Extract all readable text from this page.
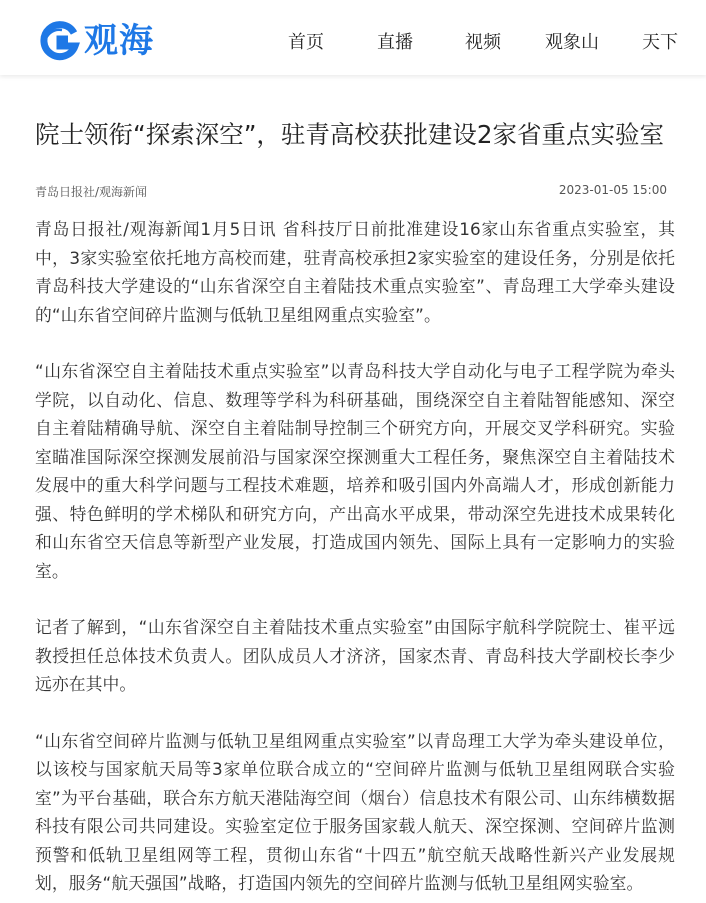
观海	首页	直播	视频 观象山 天下
院士领衔“探索深空”，驻青高校获批建设2家省重点实验室
青岛日报社/观海新闻	2023-01-05 15:00

青岛日报社/观海新闻1月5日讯 省科技厅日前批准建设16家山东省重点实验室，其中，3家实验室依托地方高校而建，驻青高校承担2家实验室的建设任务，分别是依托青岛科技大学建设的“山东省深空自主着陆技术重点实验室”、青岛理工大学牵头建设的“山东省空间碎片监测与低轨卫星组网重点实验室”。

“山东省深空自主着陆技术重点实验室”以青岛科技大学自动化与电子工程学院为牵头学院，以自动化、信息、数理等学科为科研基础，围绕深空自主着陆智能感知、深空自主着陆精确导航、深空自主着陆制导控制三个研究方向，开展交叉学科研究。实验室瞄准国际深空探测发展前沿与国家深空探测重大工程任务，聚焦深空自主着陆技术发展中的重大科学问题与工程技术难题，培养和吸引国内外高端人才，形成创新能力强、特色鲜明的学术梯队和研究方向，产出高水平成果，带动深空先进技术成果转化和山东省空天信息等新型产业发展，打造成国内领先、国际上具有一定影响力的实验室。

记者了解到，“山东省深空自主着陆技术重点实验室”由国际宇航科学院院士、崔平远教授担任总体技术负责人。团队成员人才济济，国家杰青、青岛科技大学副校长李少远亦在其中。

“山东省空间碎片监测与低轨卫星组网重点实验室”以青岛理工大学为牵头建设单位，以该校与国家航天局等3家单位联合成立的“空间碎片监测与低轨卫星组网联合实验室”为平台基础，联合东方航天港陆海空间（烟台）信息技术有限公司、山东纬横数据科技有限公司共同建设。实验室定位于服务国家载人航天、深空探测、空间碎片监测预警和低轨卫星组网等工程，贯彻山东省“十四五”航空航天战略性新兴产业发展规划，服务“航天强国”战略，打造国内领先的空间碎片监测与低轨卫星组网实验室。
